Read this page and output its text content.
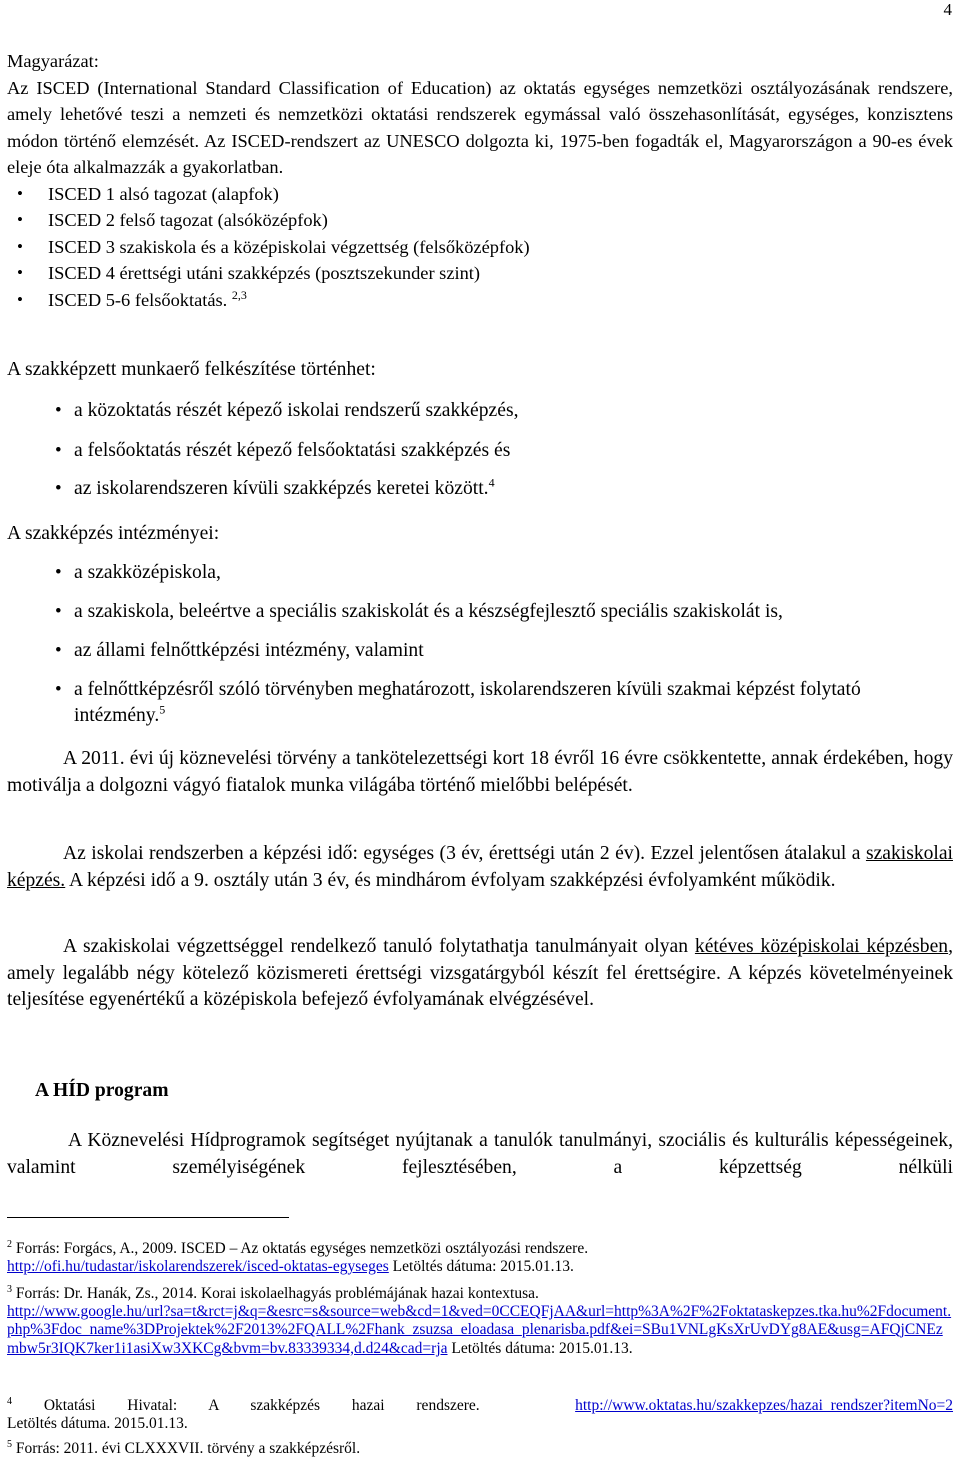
4
Magyarázat:
Az ISCED (International Standard Classification of Education) az oktatás egységes nemzetközi osztályozásának rendszere, amely lehetővé teszi a nemzeti és nemzetközi oktatási rendszerek egymással való összehasonlítását, egységes, konzisztens módon történő elemzését. Az ISCED-rendszert az UNESCO dolgozta ki, 1975-ben fogadták el, Magyarországon a 90-es évek eleje óta alkalmazzák a gyakorlatban.
• ISCED 1 alsó tagozat (alapfok)
• ISCED 2 felső tagozat (alsóközépfok)
• ISCED 3 szakiskola és a középiskolai végzettség (felsőközépfok)
• ISCED 4 érettségi utáni szakképzés (posztszekunder szint)
• ISCED 5-6 felsőoktatás. $^{2,3}$
A szakképzett munkaerő felkészítése történhet:
• a közoktatás részét képező iskolai rendszerű szakképzés,
• a felsőoktatás részét képező felsőoktatási szakképzés és
• az iskolarendszeren kívüli szakképzés keretei között.$^4$
A szakképzés intézményei:
• a szakközépiskola,
• a szakiskola, beleértve a speciális szakiskolát és a készségfejlesztő speciális szakiskolát is,
• az állami felnőttképzési intézmény, valamint
• a felnőttképzésről szóló törvényben meghatározott, iskolarendszeren kívüli szakmai képzést folytató intézmény.$^5$
A 2011. évi új köznevelési törvény a tankötelezettségi kort 18 évről 16 évre csökkentette, annak érdekében, hogy motiválja a dolgozni vágyó fiatalok munka világába történő mielőbbi belépését.
Az iskolai rendszerben a képzési idő: egységes (3 év, érettségi után 2 év). Ezzel jelentősen átalakul a szakiskolai képzés. A képzési idő a 9. osztály után 3 év, és mindhárom évfolyam szakképzési évfolyamként működik.
A szakiskolai végzettséggel rendelkező tanuló folytathatja tanulmányait olyan kétéves középiskolai képzésben, amely legalább négy kötelező közismereti érettségi vizsgatárgyból készít fel érettségire. A képzés követelményeinek teljesítése egyenértékű a középiskola befejező évfolyamának elvégzésével.
A HÍD program
A Köznevelési Hídprogramok segítséget nyújtanak a tanulók tanulmányi, szociális és kulturális képességeinek, valamint személyiségének fejlesztésében, a képzettség nélküli
$^2$ Forrás: Forgács, A., 2009. ISCED – Az oktatás egységes nemzetközi osztályozási rendszere.
http://ofi.hu/tudastar/iskolarendszerek/isced-oktatas-egyseges Letöltés dátuma: 2015.01.13.
$^3$ Forrás: Dr. Hanák, Zs., 2014. Korai iskolaelhagyás problémájának hazai kontextusa.
http://www.google.hu/url?sa=t&rct=j&q=&esrc=s&source=web&cd=1&ved=0CCEQFjAA&url=http%3A%2F%2Foktataskepzes.tka.hu%2Fdocument.php%3Fdoc_name%3DProjektek%2F2013%2FQALL%2Fhank_zsuzsa_eloadasa_plenarisba.pdf&ei=SBu1VNLgKsXrUvDYg8AE&usg=AFQjCNEzmbw5r3IQK7ker1i1asiXw3XKCg&bvm=bv.83339334,d.d24&cad=rja Letöltés dátuma: 2015.01.13.
$^4$ Oktatási Hivatal: A szakképzés hazai rendszere.	http://www.oktatas.hu/szakkepzes/hazai_rendszer?itemNo=2
Letöltés dátuma. 2015.01.13.
$^5$ Forrás: 2011. évi CLXXXVII. törvény a szakképzésről.
